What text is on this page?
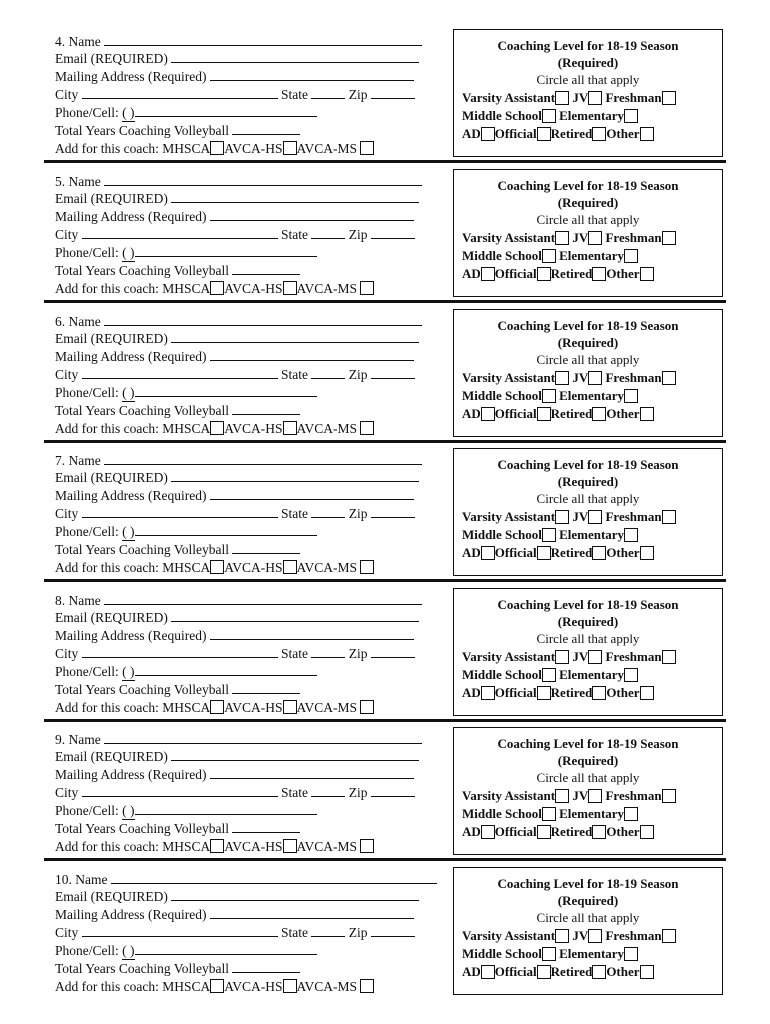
4. Name
Email (REQUIRED)
Mailing Address (Required)
City	State	Zip
Phone/Cell: ( )
Total Years Coaching Volleyball
Add for this coach: MHSCA AVCA-HS AVCA-MS
Coaching Level for 18-19 Season
(Required)
Circle all that apply
Varsity Assistant JV Freshman
Middle School Elementary
AD Official Retired Other
5. Name
Email (REQUIRED)
Mailing Address (Required)
City	State	Zip
Phone/Cell: ( )
Total Years Coaching Volleyball
Add for this coach: MHSCA AVCA-HS AVCA-MS
Coaching Level for 18-19 Season
(Required)
Circle all that apply
Varsity Assistant JV Freshman
Middle School Elementary
AD Official Retired Other
6. Name
Email (REQUIRED)
Mailing Address (Required)
City	State	Zip
Phone/Cell: ( )
Total Years Coaching Volleyball
Add for this coach: MHSCA AVCA-HS AVCA-MS
Coaching Level for 18-19 Season
(Required)
Circle all that apply
Varsity Assistant JV Freshman
Middle School Elementary
AD Official Retired Other
7. Name
Email (REQUIRED)
Mailing Address (Required)
City	State	Zip
Phone/Cell: ( )
Total Years Coaching Volleyball
Add for this coach: MHSCA AVCA-HS AVCA-MS
Coaching Level for 18-19 Season
(Required)
Circle all that apply
Varsity Assistant JV Freshman
Middle School Elementary
AD Official Retired Other
8. Name
Email (REQUIRED)
Mailing Address (Required)
City	State	Zip
Phone/Cell: ( )
Total Years Coaching Volleyball
Add for this coach: MHSCA AVCA-HS AVCA-MS
Coaching Level for 18-19 Season
(Required)
Circle all that apply
Varsity Assistant JV Freshman
Middle School Elementary
AD Official Retired Other
9. Name
Email (REQUIRED)
Mailing Address (Required)
City	State	Zip
Phone/Cell: ( )
Total Years Coaching Volleyball
Add for this coach: MHSCA AVCA-HS AVCA-MS
Coaching Level for 18-19 Season
(Required)
Circle all that apply
Varsity Assistant JV Freshman
Middle School Elementary
AD Official Retired Other
10. Name
Email (REQUIRED)
Mailing Address (Required)
City	State	Zip
Phone/Cell: ( )
Total Years Coaching Volleyball
Add for this coach: MHSCA AVCA-HS AVCA-MS
Coaching Level for 18-19 Season
(Required)
Circle all that apply
Varsity Assistant JV Freshman
Middle School Elementary
AD Official Retired Other
